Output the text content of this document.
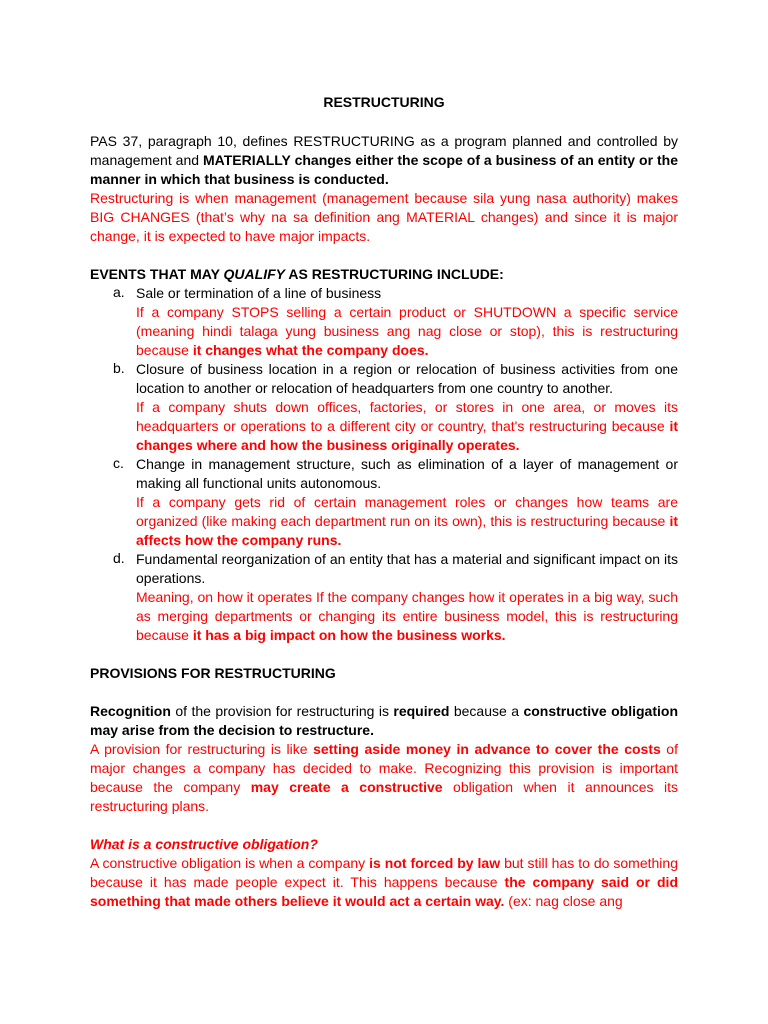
RESTRUCTURING

PAS 37, paragraph 10, defines RESTRUCTURING as a program planned and controlled by management and MATERIALLY changes either the scope of a business of an entity or the manner in which that business is conducted.

Restructuring is when management (management because sila yung nasa authority) makes BIG CHANGES (that’s why na sa definition ang MATERIAL changes) and since it is major change, it is expected to have major impacts.

EVENTS THAT MAY QUALIFY AS RESTRUCTURING INCLUDE:

a. Sale or termination of a line of business

If a company STOPS selling a certain product or SHUTDOWN a specific service (meaning hindi talaga yung business ang nag close or stop), this is restructuring because it changes what the company does.

b. Closure of business location in a region or relocation of business activities from one location to another or relocation of headquarters from one country to another.

If a company shuts down offices, factories, or stores in one area, or moves its headquarters or operations to a different city or country, that's restructuring because it changes where and how the business originally operates.

c. Change in management structure, such as elimination of a layer of management or making all functional units autonomous.

If a company gets rid of certain management roles or changes how teams are organized (like making each department run on its own), this is restructuring because it affects how the company runs.

d. Fundamental reorganization of an entity that has a material and significant impact on its operations.

Meaning, on how it operates If the company changes how it operates in a big way, such as merging departments or changing its entire business model, this is restructuring because it has a big impact on how the business works.

PROVISIONS FOR RESTRUCTURING

Recognition of the provision for restructuring is required because a constructive obligation may arise from the decision to restructure.

A provision for restructuring is like setting aside money in advance to cover the costs of major changes a company has decided to make. Recognizing this provision is important because the company may create a constructive obligation when it announces its restructuring plans.

What is a constructive obligation?

A constructive obligation is when a company is not forced by law but still has to do something because it has made people expect it. This happens because the company said or did something that made others believe it would act a certain way. (ex: nag close ang
